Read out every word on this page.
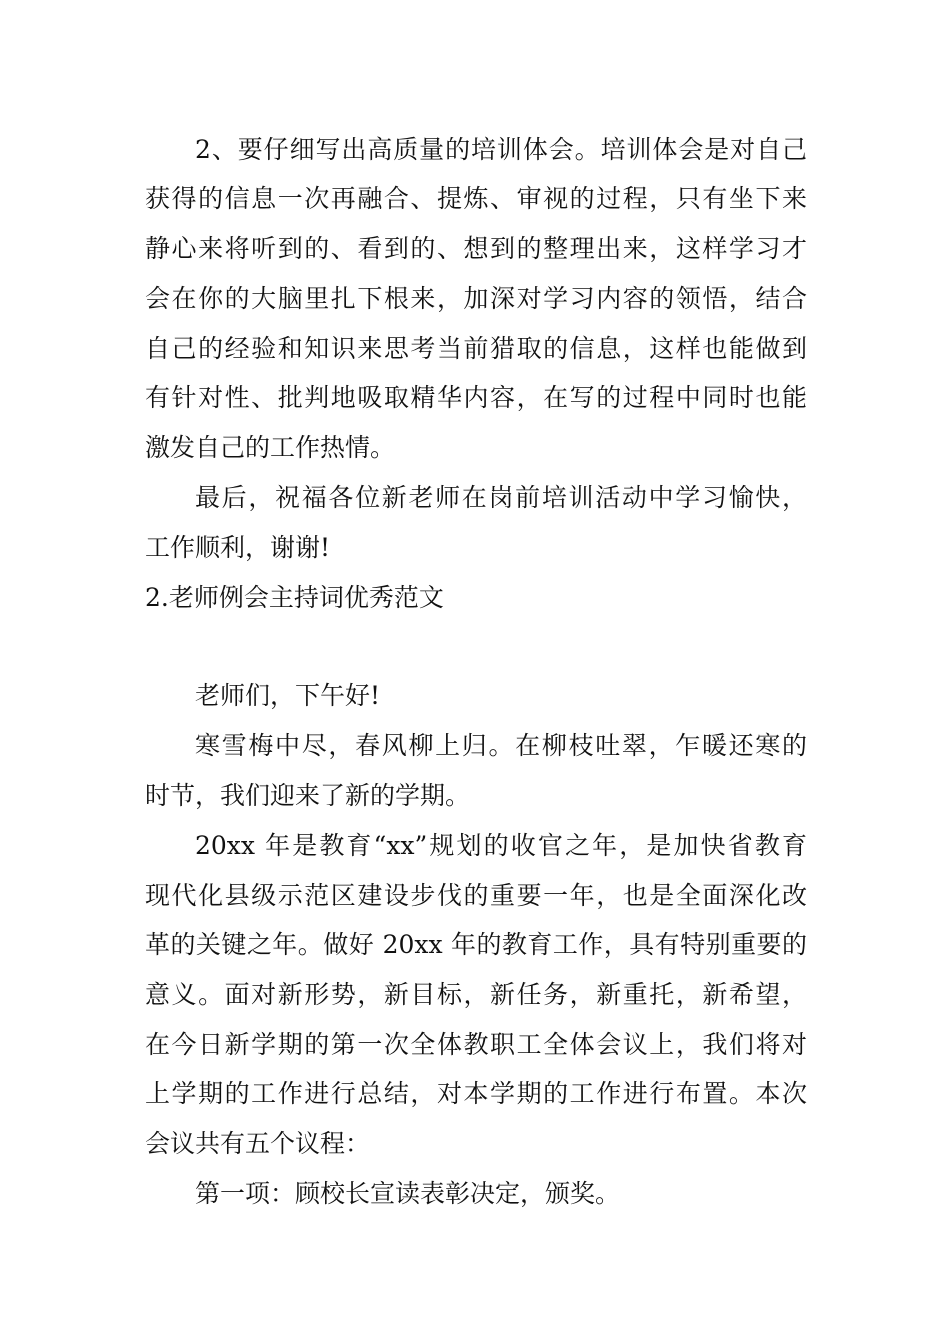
2、要仔细写出高质量的培训体会。培训体会是对自己
获得的信息一次再融合、提炼、审视的过程，只有坐下来
静心来将听到的、看到的、想到的整理出来，这样学习才
会在你的大脑里扎下根来，加深对学习内容的领悟，结合
自己的经验和知识来思考当前猎取的信息，这样也能做到
有针对性、批判地吸取精华内容，在写的过程中同时也能
激发自己的工作热情。
最后，祝福各位新老师在岗前培训活动中学习愉快，
工作顺利，谢谢!
2.老师例会主持词优秀范文
老师们，下午好!
寒雪梅中尽，春风柳上归。在柳枝吐翠，乍暖还寒的
时节，我们迎来了新的学期。
20xx 年是教育“xx”规划的收官之年，是加快省教育
现代化县级示范区建设步伐的重要一年，也是全面深化改
革的关键之年。做好 20xx 年的教育工作，具有特别重要的
意义。面对新形势，新目标，新任务，新重托，新希望，
在今日新学期的第一次全体教职工全体会议上，我们将对
上学期的工作进行总结，对本学期的工作进行布置。本次
会议共有五个议程：
第一项：顾校长宣读表彰决定，颁奖。
